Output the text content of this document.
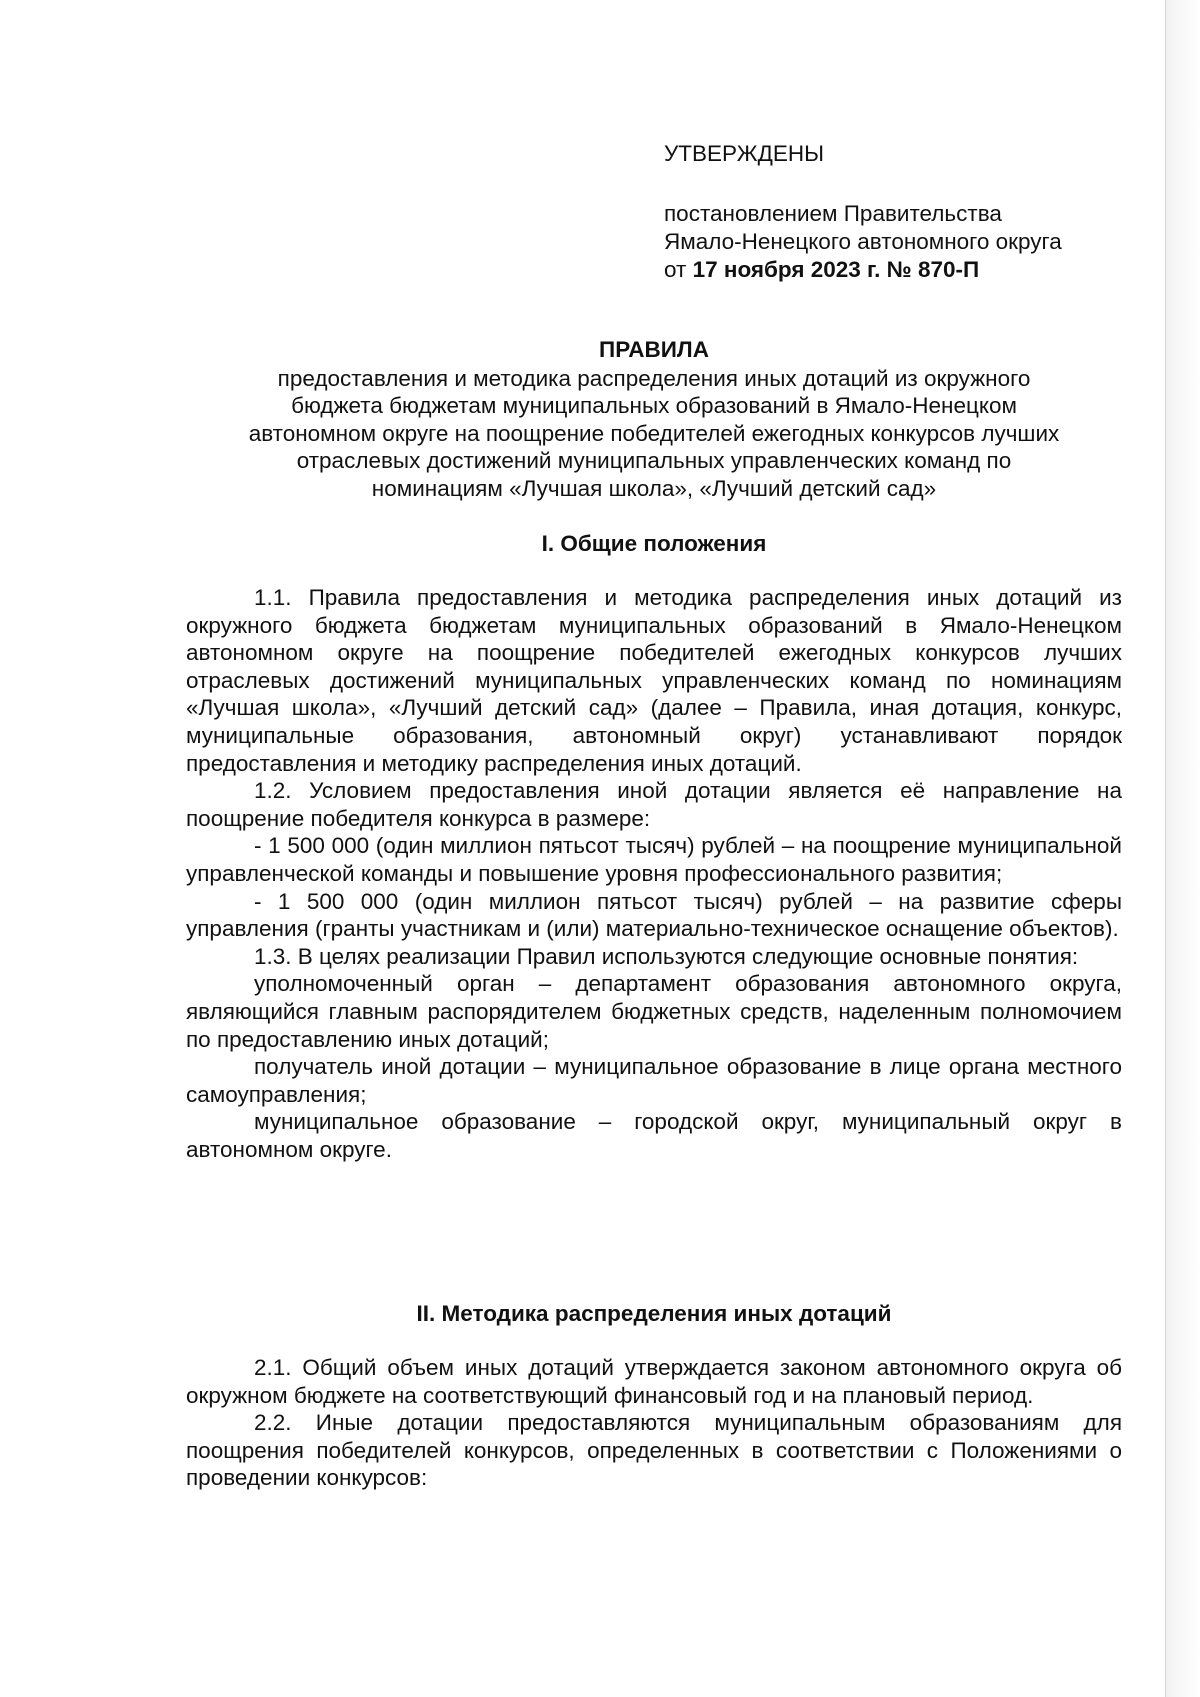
УТВЕРЖДЕНЫ
постановлением Правительства
Ямало-Ненецкого автономного округа
от 17 ноября 2023 г. № 870-П
ПРАВИЛА
предоставления и методика распределения иных дотаций из окружного
бюджета бюджетам муниципальных образований в Ямало-Ненецком
автономном округе на поощрение победителей ежегодных конкурсов лучших
отраслевых достижений муниципальных управленческих команд по
номинациям «Лучшая школа», «Лучший детский сад»
I. Общие положения

1.1. Правила предоставления и методика распределения иных дотаций из окружного бюджета бюджетам муниципальных образований в Ямало-Ненецком автономном округе на поощрение победителей ежегодных конкурсов лучших отраслевых достижений муниципальных управленческих команд по номинациям «Лучшая школа», «Лучший детский сад» (далее – Правила, иная дотация, конкурс, муниципальные образования, автономный округ) устанавливают порядок предоставления и методику распределения иных дотаций.

1.2. Условием предоставления иной дотации является её направление на поощрение победителя конкурса в размере:

- 1 500 000 (один миллион пятьсот тысяч) рублей – на поощрение муниципальной управленческой команды и повышение уровня профессионального развития;

- 1 500 000 (один миллион пятьсот тысяч) рублей – на развитие сферы управления (гранты участникам и (или) материально-техническое оснащение объектов).

1.3. В целях реализации Правил используются следующие основные понятия:

уполномоченный орган – департамент образования автономного округа, являющийся главным распорядителем бюджетных средств, наделенным полномочием по предоставлению иных дотаций;

получатель иной дотации – муниципальное образование в лице органа местного самоуправления;

муниципальное образование – городской округ, муниципальный округ в автономном округе.

II. Методика распределения иных дотаций

2.1. Общий объем иных дотаций утверждается законом автономного округа об окружном бюджете на соответствующий финансовый год и на плановый период.

2.2. Иные дотации предоставляются муниципальным образованиям для поощрения победителей конкурсов, определенных в соответствии с Положениями о проведении конкурсов:
